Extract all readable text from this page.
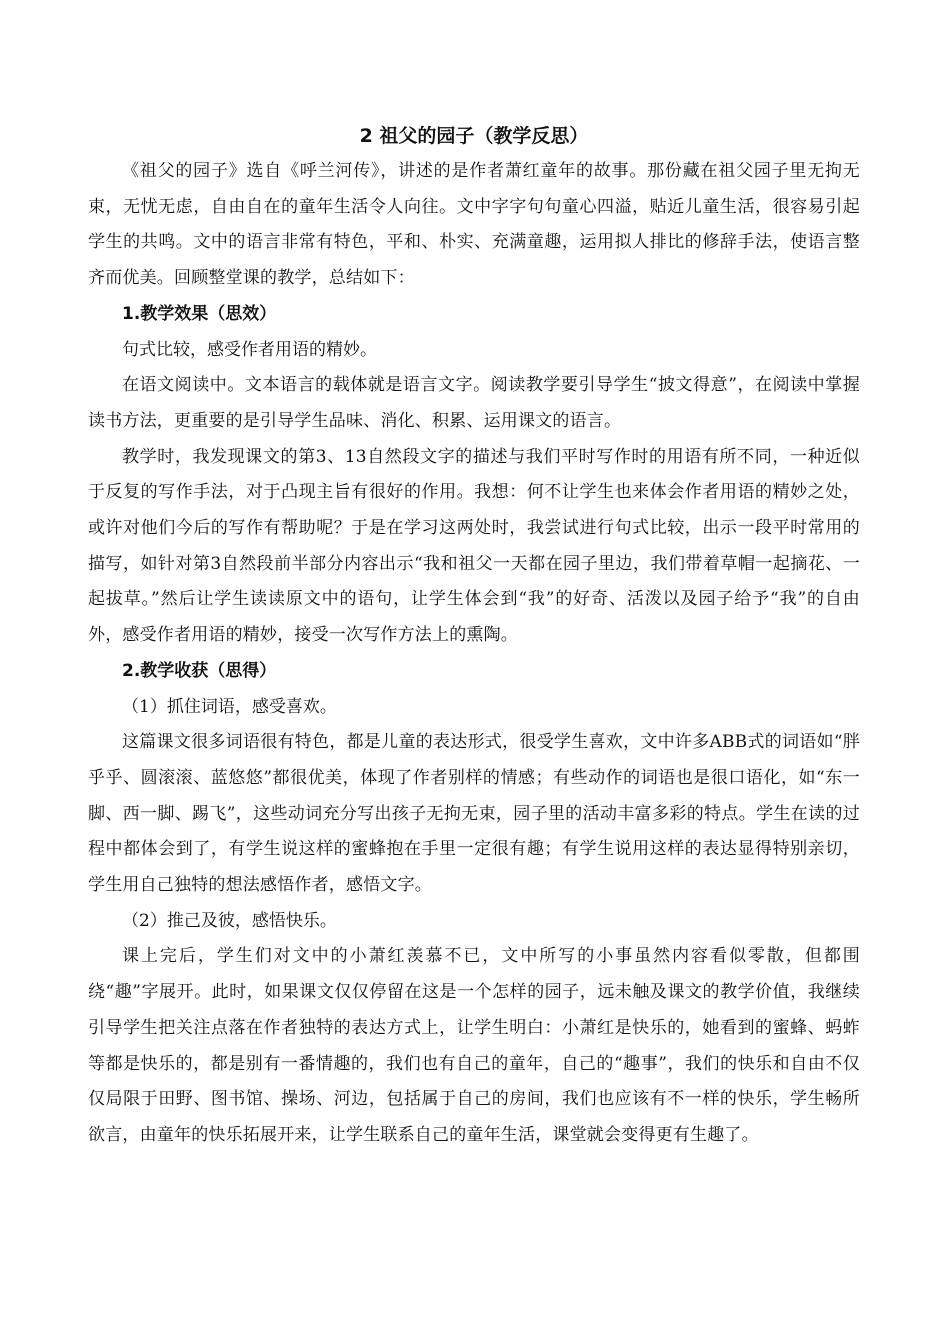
2 祖父的园子（教学反思）

《祖父的园子》选自《呼兰河传》，讲述的是作者萧红童年的故事。那份藏在祖父园子里无拘无束，无忧无虑，自由自在的童年生活令人向往。文中字字句句童心四溢，贴近儿童生活，很容易引起学生的共鸣。文中的语言非常有特色，平和、朴实、充满童趣，运用拟人排比的修辞手法，使语言整齐而优美。回顾整堂课的教学，总结如下：

1.教学效果（思效）

句式比较，感受作者用语的精妙。

在语文阅读中。文本语言的载体就是语言文字。阅读教学要引导学生“披文得意”，在阅读中掌握读书方法，更重要的是引导学生品味、消化、积累、运用课文的语言。

教学时，我发现课文的第3、13自然段文字的描述与我们平时写作时的用语有所不同，一种近似于反复的写作手法，对于凸现主旨有很好的作用。我想：何不让学生也来体会作者用语的精妙之处，或许对他们今后的写作有帮助呢？于是在学习这两处时，我尝试进行句式比较，出示一段平时常用的描写，如针对第3自然段前半部分内容出示“我和祖父一天都在园子里边，我们带着草帽一起摘花、一起拔草。”然后让学生读读原文中的语句，让学生体会到“我”的好奇、活泼以及园子给予“我”的自由外，感受作者用语的精妙，接受一次写作方法上的熏陶。

2.教学收获（思得）

（1）抓住词语，感受喜欢。

这篇课文很多词语很有特色，都是儿童的表达形式，很受学生喜欢，文中许多ABB式的词语如“胖乎乎、圆滚滚、蓝悠悠”都很优美，体现了作者别样的情感；有些动作的词语也是很口语化，如“东一脚、西一脚、踢飞”，这些动词充分写出孩子无拘无束，园子里的活动丰富多彩的特点。学生在读的过程中都体会到了，有学生说这样的蜜蜂抱在手里一定很有趣；有学生说用这样的表达显得特别亲切，学生用自己独特的想法感悟作者，感悟文字。

（2）推己及彼，感悟快乐。

课上完后，学生们对文中的小萧红羡慕不已，文中所写的小事虽然内容看似零散，但都围绕“趣”字展开。此时，如果课文仅仅停留在这是一个怎样的园子，远未触及课文的教学价值，我继续引导学生把关注点落在作者独特的表达方式上，让学生明白：小萧红是快乐的，她看到的蜜蜂、蚂蚱等都是快乐的，都是别有一番情趣的，我们也有自己的童年，自己的“趣事”，我们的快乐和自由不仅仅局限于田野、图书馆、操场、河边，包括属于自己的房间，我们也应该有不一样的快乐，学生畅所欲言，由童年的快乐拓展开来，让学生联系自己的童年生活，课堂就会变得更有生趣了。
